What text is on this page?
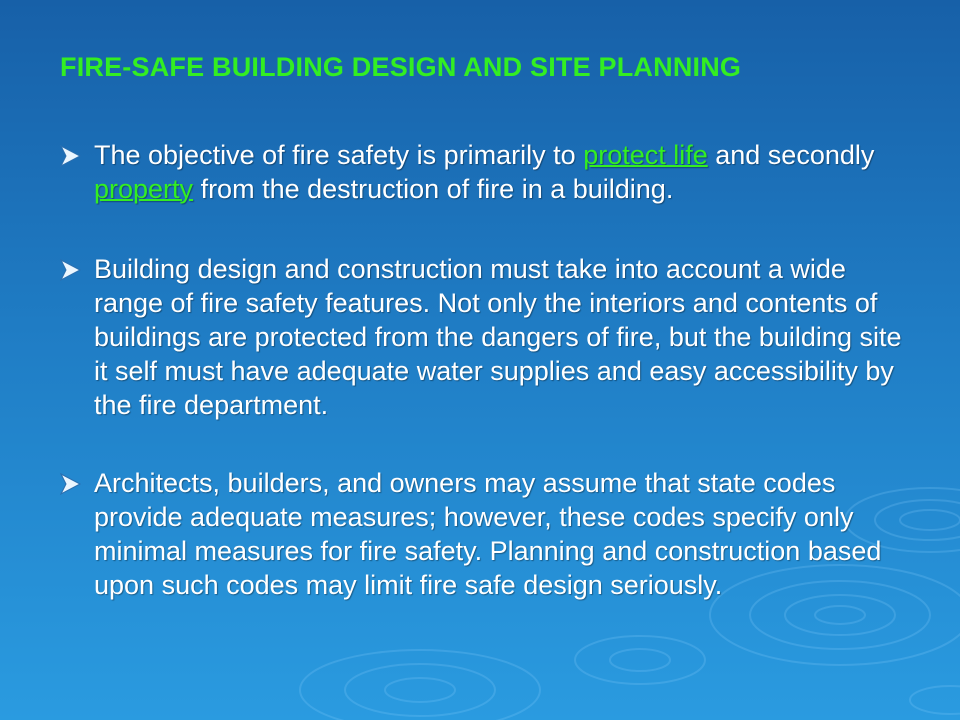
FIRE-SAFE BUILDING DESIGN AND SITE PLANNING

The objective of fire safety is primarily to protect life and secondly property from the destruction of fire in a building.

Building design and construction must take into account a wide range of fire safety features. Not only the interiors and contents of buildings are protected from the dangers of fire, but the building site it self must have adequate water supplies and easy accessibility by the fire department.

Architects, builders, and owners may assume that state codes provide adequate measures; however, these codes specify only minimal measures for fire safety. Planning and construction based upon such codes may limit fire safe design seriously.
